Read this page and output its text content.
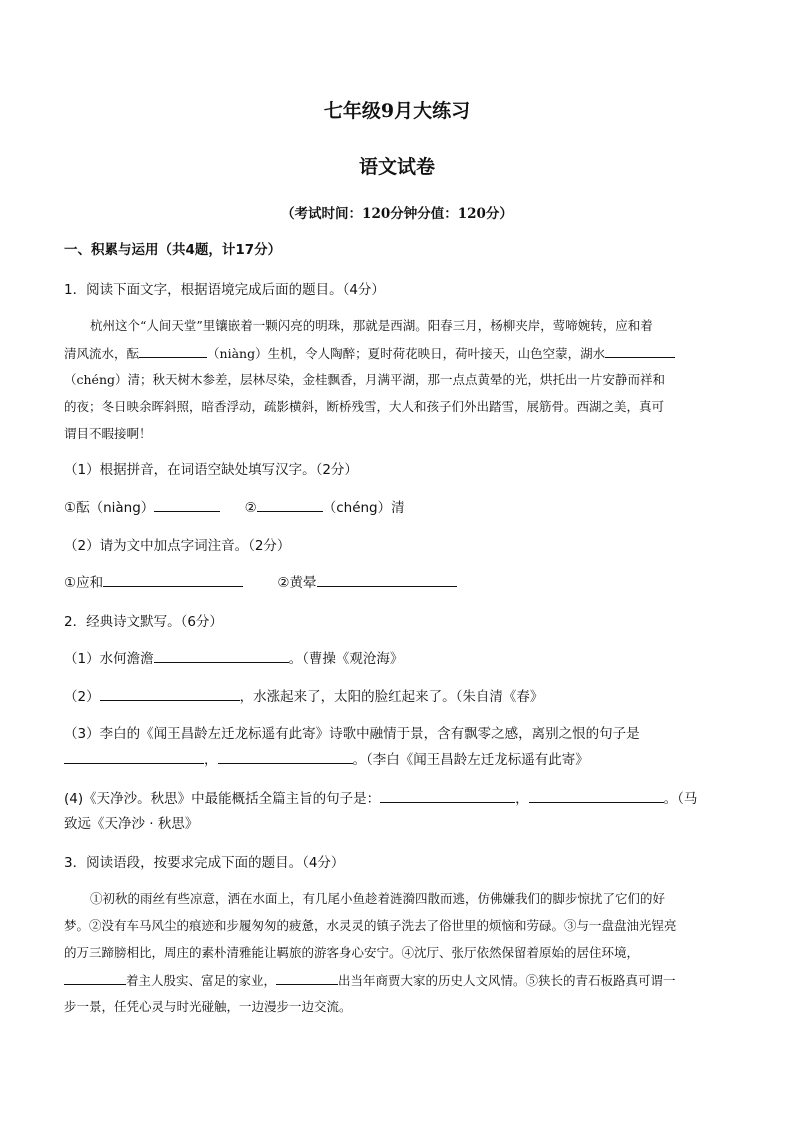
七年级9月大练习
语文试卷
（考试时间：120分钟分值：120分）
一、积累与运用（共4题，计17分）
1．阅读下面文字，根据语境完成后面的题目。（4分）
杭州这个“人间天堂”里镶嵌着一颗闪亮的明珠，那就是西湖。阳春三月，杨柳夹岸，莺啼婉转，应和着
清风流水，酝	（niàng）生机，令人陶醉；夏时荷花映日，荷叶接天，山色空蒙，湖水
（chéng）清；秋天树木参差，层林尽染，金桂飘香，月满平湖，那一点点黄晕的光，烘托出一片安静而祥和
的夜；冬日映余晖斜照，暗香浮动，疏影横斜，断桥残雪，大人和孩子们外出踏雪，展筋骨。西湖之美，真可
谓目不暇接啊！
（1）根据拼音，在词语空缺处填写汉字。（2分）
①酝（niàng）	②	（chéng）清
（2）请为文中加点字词注音。（2分）
①应和	②黄晕
2．经典诗文默写。（6分）
（1）水何澹澹	。（曹操《观沧海》
（2）	，水涨起来了，太阳的脸红起来了。（朱自清《春》
（3）李白的《闻王昌龄左迁龙标遥有此寄》诗歌中融情于景，含有飘零之感，离别之恨的句子是
，	。（李白《闻王昌龄左迁龙标遥有此寄》
(4)《天净沙。秋思》中最能概括全篇主旨的句子是：	，	。（马
致远《天净沙 · 秋思》
3．阅读语段，按要求完成下面的题目。（4分）
①初秋的雨丝有些凉意，洒在水面上，有几尾小鱼趁着涟漪四散而逃，仿佛嫌我们的脚步惊扰了它们的好
梦。②没有车马风尘的痕迹和步履匆匆的疲惫，水灵灵的镇子洗去了俗世里的烦恼和劳碌。③与一盘盘油光锃亮
的万三蹄膀相比，周庄的素朴清雅能让羁旅的游客身心安宁。④沈厅、张厅依然保留着原始的居住环境，
着主人殷实、富足的家业，	出当年商贾大家的历史人文风情。⑤狭长的青石板路真可谓一
步一景，任凭心灵与时光碰触，一边漫步一边交流。
